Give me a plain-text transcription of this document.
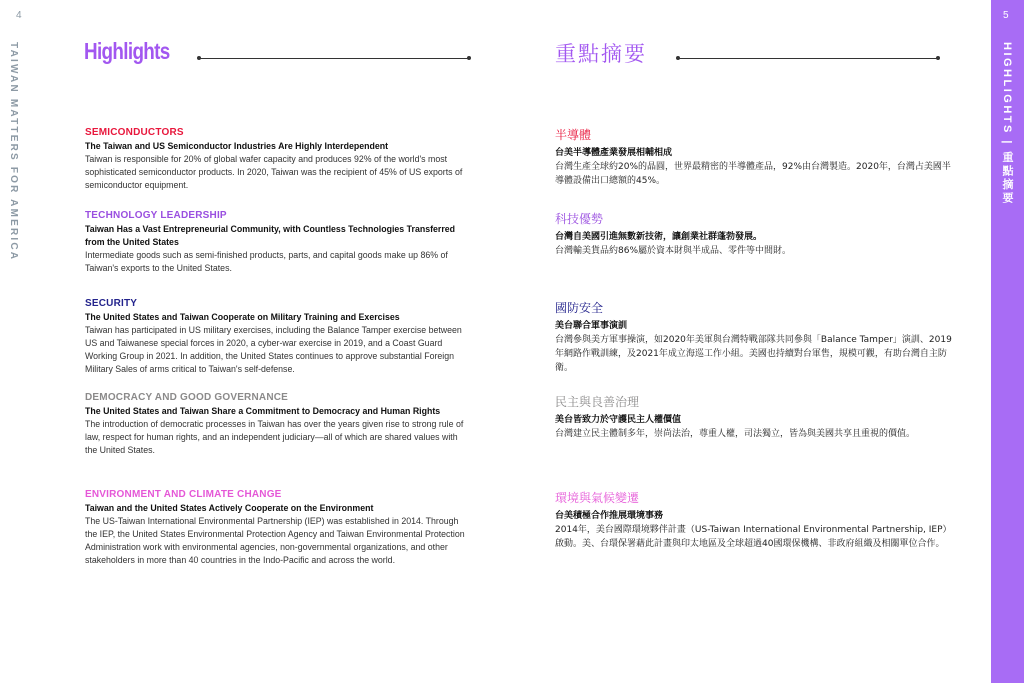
4	5
TAIWAN MATTERS FOR AMERICA	HIGHLIGHTS | 重點摘要
Highlights	重點摘要
SEMICONDUCTORS
The Taiwan and US Semiconductor Industries Are Highly Interdependent
Taiwan is responsible for 20% of global wafer capacity and produces 92% of the world's most sophisticated semiconductor products. In 2020, Taiwan was the recipient of 45% of US exports of semiconductor equipment.
TECHNOLOGY LEADERSHIP
Taiwan Has a Vast Entrepreneurial Community, with Countless Technologies Transferred from the United States
Intermediate goods such as semi-finished products, parts, and capital goods make up 86% of Taiwan's exports to the United States.
SECURITY
The United States and Taiwan Cooperate on Military Training and Exercises
Taiwan has participated in US military exercises, including the Balance Tamper exercise between US and Taiwanese special forces in 2020, a cyber-war exercise in 2019, and a Coast Guard Working Group in 2021. In addition, the United States continues to approve substantial Foreign Military Sales of arms critical to Taiwan's self-defense.
DEMOCRACY AND GOOD GOVERNANCE
The United States and Taiwan Share a Commitment to Democracy and Human Rights
The introduction of democratic processes in Taiwan has over the years given rise to strong rule of law, respect for human rights, and an independent judiciary—all of which are shared values with the United States.
ENVIRONMENT AND CLIMATE CHANGE
Taiwan and the United States Actively Cooperate on the Environment
The US-Taiwan International Environmental Partnership (IEP) was established in 2014. Through the IEP, the United States Environmental Protection Agency and Taiwan Environmental Protection Administration work with environmental agencies, non-governmental organizations, and other stakeholders in more than 40 countries in the Indo-Pacific and across the world.
半導體
台美半導體產業發展相輔相成
台灣生產全球約20%的晶圓，世界最精密的半導體產品，92%由台灣製造。2020年，台灣占美國半導體設備出口總額的45%。
科技優勢
台灣自美國引進無數新技術，讓創業社群蓬勃發展。
台灣輸美貨品約86%屬於資本財與半成品、零件等中間財。
國防安全
美台聯合軍事演訓
台灣參與美方軍事操演，如2020年美軍與台灣特戰部隊共同參與「Balance Tamper」演訓、2019年網路作戰訓練，及2021年成立海巡工作小組。美國也持續對台軍售，規模可觀，有助台灣自主防衛。
民主與良善治理
美台皆致力於守護民主人權價值
台灣建立民主體制多年，崇尚法治，尊重人權，司法獨立，皆為與美國共享且重視的價值。
環境與氣候變遷
台美積極合作推展環境事務
2014年，美台國際環境夥伴計畫（US-Taiwan International Environmental Partnership, IEP）啟動。美、台環保署藉此計畫與印太地區及全球超過40國環保機構、非政府組織及相關單位合作。
